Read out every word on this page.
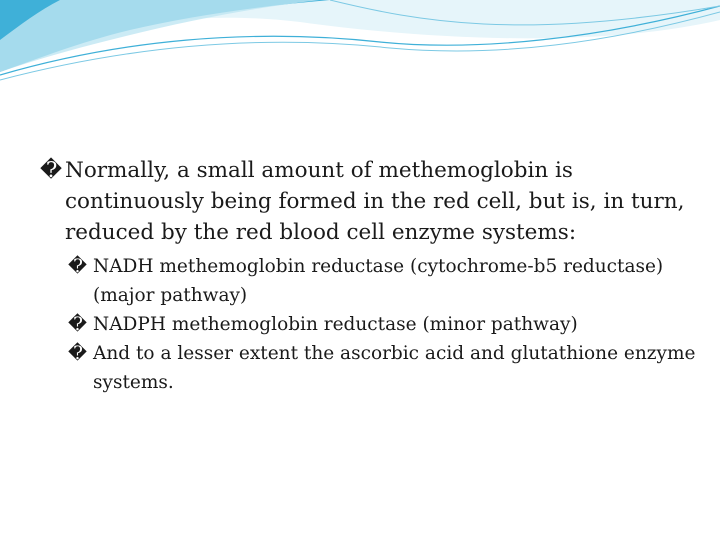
� Normally, a small amount of methemoglobin is continuously being formed in the red cell, but is, in turn, reduced by the red blood cell enzyme systems:

� NADH methemoglobin reductase (cytochrome-b5 reductase) (major pathway)

� NADPH methemoglobin reductase (minor pathway)

� And to a lesser extent the ascorbic acid and glutathione enzyme systems.
